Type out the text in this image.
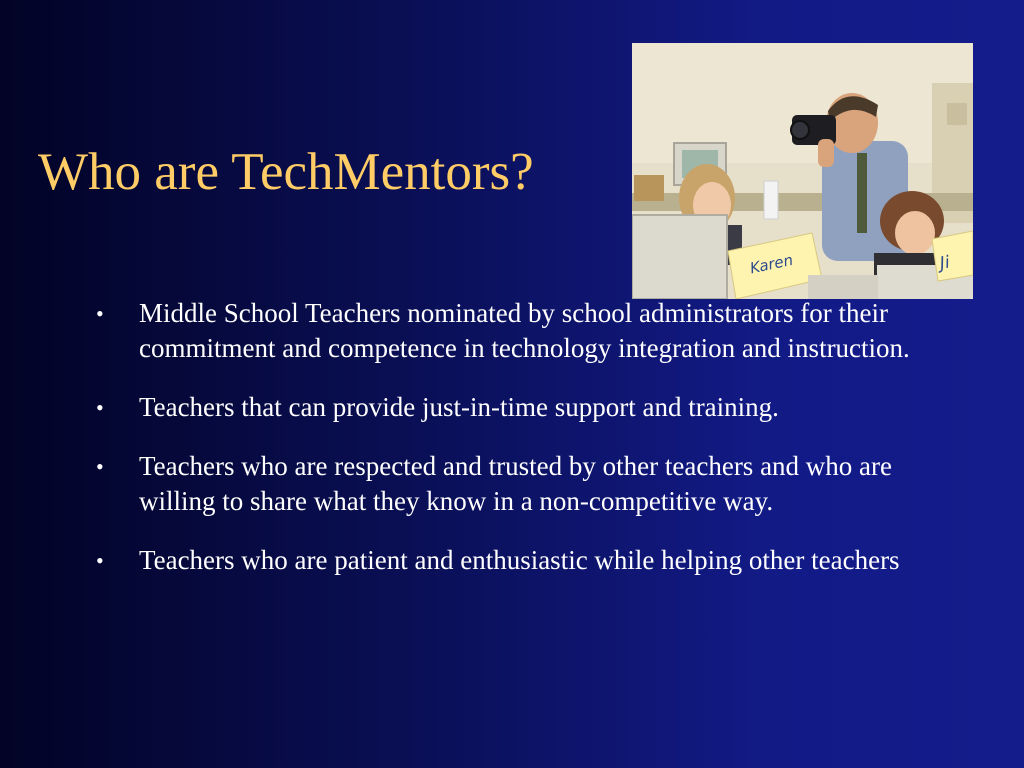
Who are TechMentors?
Karen	Ji
• Middle School Teachers nominated by school administrators for their commitment and competence in technology integration and instruction.
• Teachers that can provide just-in-time support and training.
• Teachers who are respected and trusted by other teachers and who are willing to share what they know in a non-competitive way.
• Teachers who are patient and enthusiastic while helping other teachers
